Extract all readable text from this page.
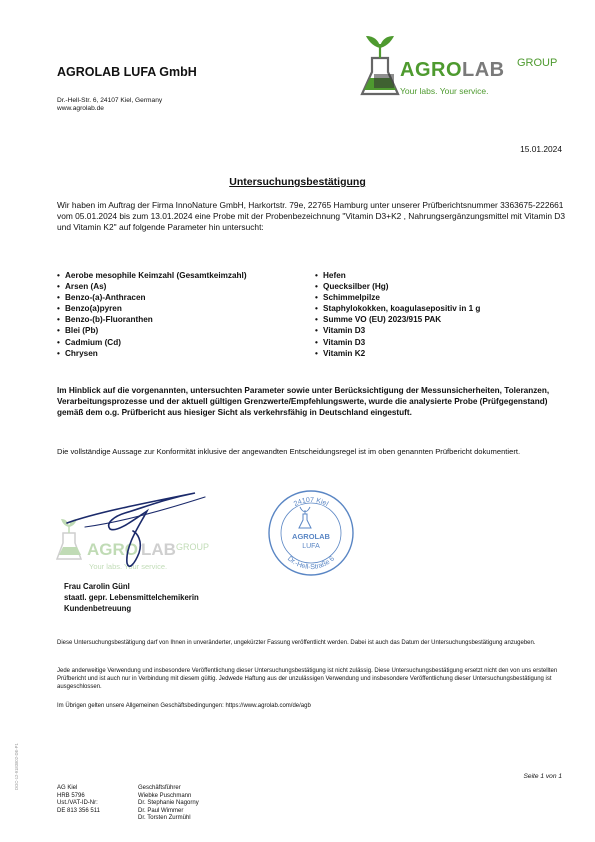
AGROLAB LUFA GmbH
Dr.-Hell-Str. 6, 24107 Kiel, Germany
www.agrolab.de
AGROLAB GROUP
Your labs. Your service.
15.01.2024
Untersuchungsbestätigung
Wir haben im Auftrag der Firma InnoNature GmbH, Harkortstr. 79e, 22765 Hamburg unter unserer Prüfberichtsnummer 3363675-222661 vom 05.01.2024 bis zum 13.01.2024 eine Probe mit der Probenbezeichnung "Vitamin D3+K2 , Nahrungsergänzungsmittel mit Vitamin D3 und Vitamin K2" auf folgende Parameter hin untersucht:
• Aerobe mesophile Keimzahl (Gesamtkeimzahl)
• Arsen (As)
• Benzo-(a)-Anthracen
• Benzo(a)pyren
• Benzo-(b)-Fluoranthen
• Blei (Pb)
• Cadmium (Cd)
• Chrysen
• Hefen
• Quecksilber (Hg)
• Schimmelpilze
• Staphylokokken, koagulasepositiv in 1 g
• Summe VO (EU) 2023/915 PAK
• Vitamin D3
• Vitamin D3
• Vitamin K2
Im Hinblick auf die vorgenannten, untersuchten Parameter sowie unter Berücksichtigung der Messunsicherheiten, Toleranzen, Verarbeitungsprozesse und der aktuell gültigen Grenzwerte/Empfehlungswerte, wurde die analysierte Probe (Prüfgegenstand) gemäß dem o.g. Prüfbericht aus hiesiger Sicht als verkehrsfähig in Deutschland eingestuft.
Die vollständige Aussage zur Konformität inklusive der angewandten Entscheidungsregel ist im oben genannten Prüfbericht dokumentiert.
AGRO LAB GROUP
Your labs. Your service.
24107 Kiel
Dr.-Hell-Straße 6
AGROLAB
LUFA
Frau Carolin Günl
staatl. gepr. Lebensmittelchemikerin
Kundenbetreuung
Diese Untersuchungsbestätigung darf von Ihnen in unveränderter, ungekürzter Fassung veröffentlicht werden. Dabei ist auch das Datum der Untersuchungsbestätigung anzugeben.
Jede anderweitige Verwendung und insbesondere Veröffentlichung dieser Untersuchungsbestätigung ist nicht zulässig. Diese Untersuchungsbestätigung ersetzt nicht den von uns erstellten Prüfbericht und ist auch nur in Verbindung mit diesem gültig. Jedwede Haftung aus der unzulässigen Verwendung und insbesondere Veröffentlichung dieser Untersuchungsbestätigung ist ausgeschlossen.
Im Übrigen gelten unsere Allgemeinen Geschäftsbedingungen: https://www.agrolab.com/de/agb
Seite 1 von 1
AG Kiel
HRB 5796
Ust./VAT-ID-Nr:
DE 813 356 511
Geschäftsführer
Wiebke Puschmann
Dr. Stephanie Nagorny
Dr. Paul Wimmer
Dr. Torsten Zurmühl
DOC-12-9183802-DE-P1
